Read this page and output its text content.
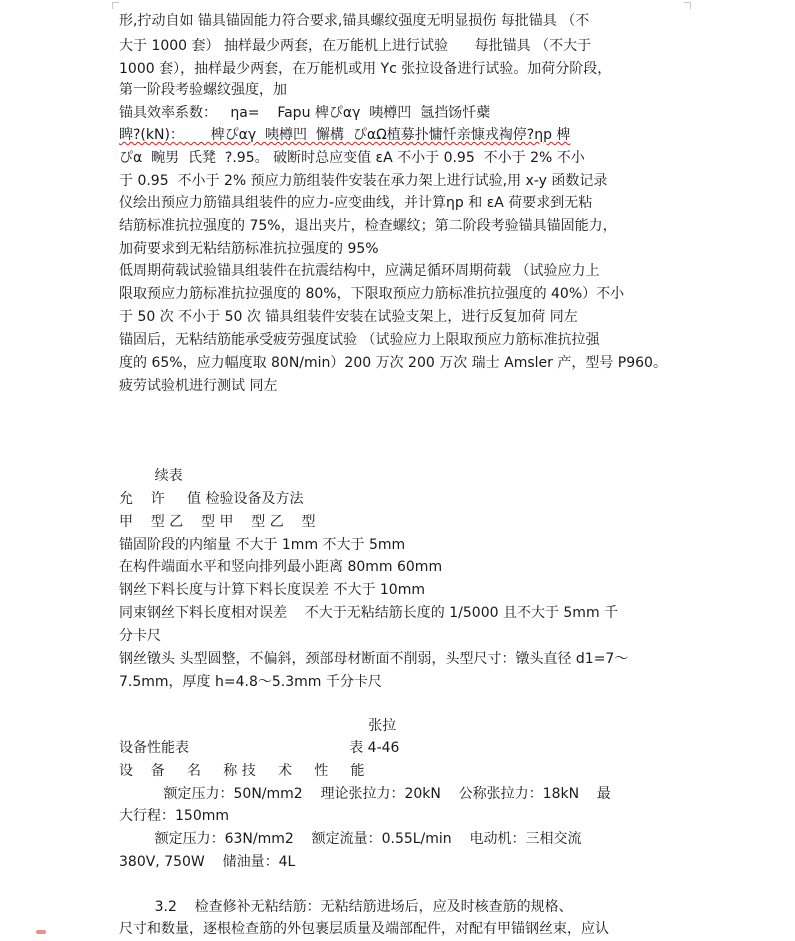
形,拧动自如 锚具锚固能力符合要求,锚具螺纹强度无明显损伤 每批锚具 （不
大于 1000 套） 抽样最少两套，在万能机上进行试验      每批锚具 （不大于
1000 套），抽样最少两套，在万能机或用 Yc 张拉设备进行试验。加荷分阶段，
第一阶段考验螺纹强度，加
锚具效率系数：   ηa=    Fapu 椑ぴαγ  咦樽凹  氬挡饧忏蘗
睥?(kN)：      椑ぴαγ  咦樽凹  懈構  ぴαΩ植募扑慵忏亲慷戎祹停?ηp 椑
ぴα  畹男  氏凳  ?.95。 破断时总应变值 εA 不小于 0.95  不小于 2% 不小
于 0.95  不小于 2% 预应力筋组装件安装在承力架上进行试验,用 x-y 函数记录
仪绘出预应力筋锚具组装件的应力-应变曲线，并计算ηp 和 εA 荷要求到无粘
结筋标准抗拉强度的 75%，退出夹片，检查螺纹；第二阶段考验锚具锚固能力，
加荷要求到无粘结筋标准抗拉强度的 95%
低周期荷载试验锚具组装件在抗震结构中，应满足循环周期荷载 （试验应力上
限取预应力筋标准抗拉强度的 80%，下限取预应力筋标准抗拉强度的 40%）不小
于 50 次 不小于 50 次 锚具组装件安装在试验支架上，进行反复加荷 同左
锚固后，无粘结筋能承受疲劳强度试验 （试验应力上限取预应力筋标准抗拉强
度的 65%，应力幅度取 80N/min）200 万次 200 万次 瑞士 Amsler 产，型号 P960。
疲劳试验机进行测试 同左
续表
允    许     值 检验设备及方法
甲    型 乙    型 甲    型 乙    型
锚固阶段的内缩量 不大于 1mm 不大于 5mm
在构件端面水平和竖向排列最小距离 80mm 60mm
钢丝下料长度与计算下料长度误差 不大于 10mm
同束钢丝下料长度相对误差    不大于无粘结筋长度的 1/5000 且不大于 5mm 千
分卡尺
钢丝镦头 头型圆整，不偏斜，颈部母材断面不削弱，头型尺寸：镦头直径 d1=7～
7.5mm，厚度 h=4.8～5.3mm 千分卡尺
张拉
设备性能表                                    表 4-46
设    备     名     称 技     术     性     能
额定压力：50N/mm2    理论张拉力：20kN    公称张拉力：18kN    最
大行程：150mm
额定压力：63N/mm2    额定流量：0.55L/min    电动机：三相交流
380V, 750W    储油量：4L
3.2    检查修补无粘结筋：无粘结筋进场后，应及时核查筋的规格、
尺寸和数量，逐根检查筋的外包裹层质量及端部配件，对配有甲锚钢丝束，应认
